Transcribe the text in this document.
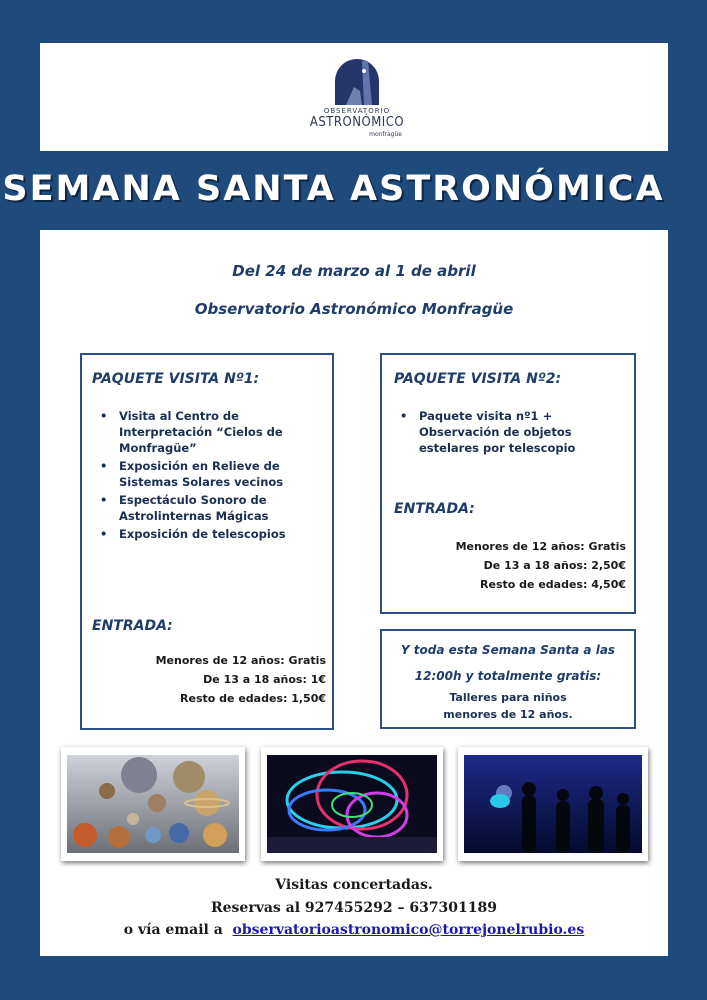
OBSERVATORIO
ASTRONÓMICO
monfragüe
SEMANA SANTA ASTRONÓMICA
Del 24 de marzo al 1 de abril
Observatorio Astronómico Monfragüe
PAQUETE VISITA Nº1:
• Visita al Centro de Interpretación “Cielos de Monfragüe”
• Exposición en Relieve de Sistemas Solares vecinos
• Espectáculo Sonoro de Astrolinternas Mágicas
• Exposición de telescopios
ENTRADA:
Menores de 12 años: Gratis
De 13 a 18 años: 1€
Resto de edades: 1,50€
PAQUETE VISITA Nº2:
• Paquete visita nº1 + Observación de objetos estelares por telescopio
ENTRADA:
Menores de 12 años: Gratis
De 13 a 18 años: 2,50€
Resto de edades: 4,50€
Y toda esta Semana Santa a las
12:00h y totalmente gratis:
Talleres para niños
menores de 12 años.
Visitas concertadas.
Reservas al 927455292 – 637301189
o vía email a observatorioastronomico@torrejonelrubio.es
